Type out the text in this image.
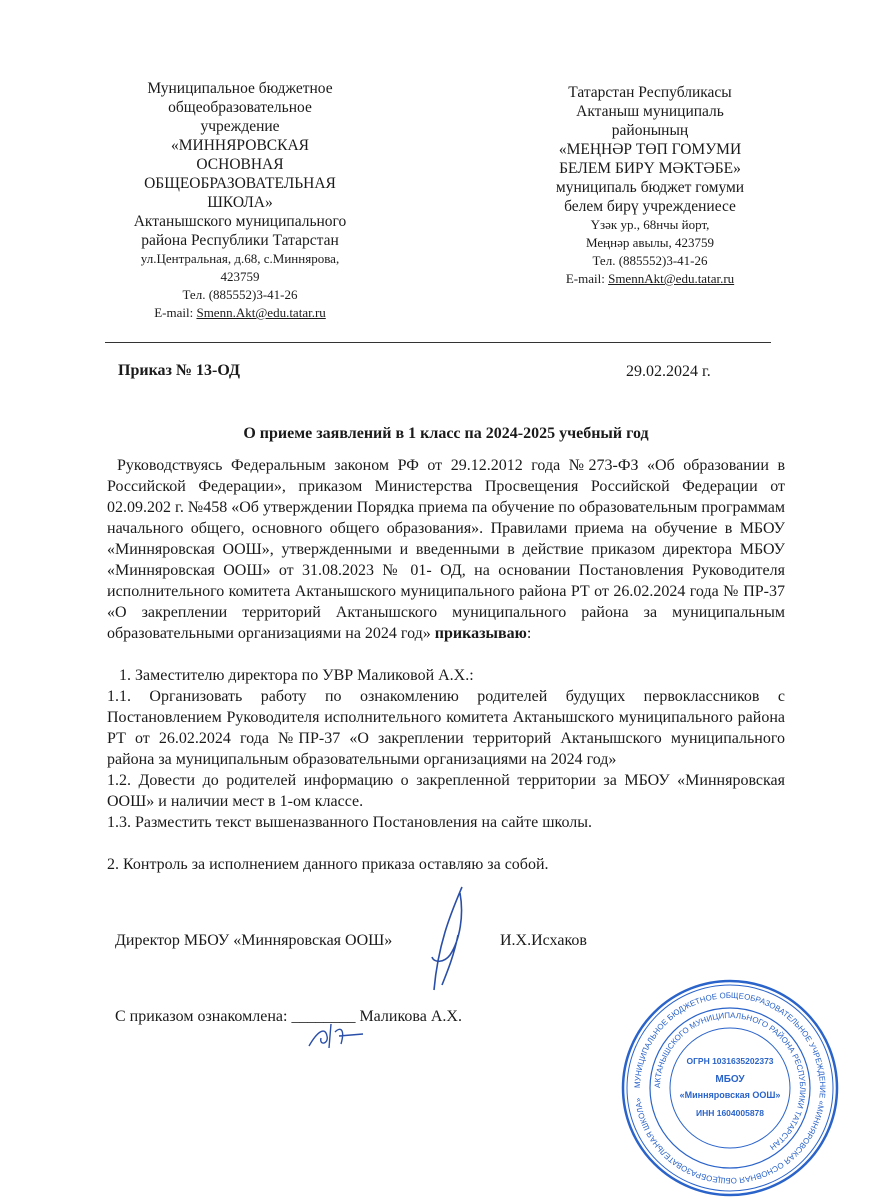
Муниципальное бюджетное
общеобразовательное
учреждение
«МИННЯРОВСКАЯ
ОСНОВНАЯ
ОБЩЕОБРАЗОВАТЕЛЬНАЯ
ШКОЛА»
Актанышского муниципального
района Республики Татарстан
ул.Центральная, д.68, с.Миннярова,
423759
Тел. (885552)3-41-26
E-mail: Smenn.Akt@edu.tatar.ru
Татарстан Республикасы
Актаныш муниципаль
районының
«МЕҢНӘР ТӨП ГОМУМИ
БЕЛЕМ БИРҮ МӘКТӘБЕ»
муниципаль бюджет гомуми
белем бирү учреждениесе
Үзәк ур., 68нчы йорт,
Меңнәр авылы, 423759
Тел. (885552)3-41-26
E-mail: SmennAkt@edu.tatar.ru
Приказ № 13-ОД	29.02.2024 г.

О приеме заявлений в 1 класс па 2024-2025 учебный год

Руководствуясь Федеральным законом РФ от 29.12.2012 года №273-ФЗ «Об образовании в Российской Федерации», приказом Министерства Просвещения Российской Федерации от 02.09.202 г. №458 «Об утверждении Порядка приема па обучение по образовательным программам начального общего, основного общего образования». Правилами приема на обучение в МБОУ «Минняровская ООШ», утвержденными и введенными в действие приказом директора МБОУ «Минняровская ООШ» от 31.08.2023 № 01- ОД, на основании Постановления Руководителя исполнительного комитета Актанышского муниципального района РТ от 26.02.2024 года № ПР-37 «О закреплении территорий Актанышского муниципального района за муниципальным образовательными организациями на 2024 год» приказываю:

1. Заместителю директора по УВР Маликовой А.Х.:

1.1. Организовать работу по ознакомлению родителей будущих первоклассников с Постановлением Руководителя исполнительного комитета Актанышского муниципального района РТ от 26.02.2024 года №ПР-37 «О закреплении территорий Актанышского муниципального района за муниципальным образовательными организациями на 2024 год»

1.2. Довести до родителей информацию о закрепленной территории за МБОУ «Минняровская ООШ» и наличии мест в 1-ом классе.

1.3. Разместить текст вышеназванного Постановления на сайте школы.

2. Контроль за исполнением данного приказа оставляю за собой.

Директор МБОУ «Минняровская ООШ»	И.Х.Исхаков
С приказом ознакомлена: ________ Маликова А.Х.
МУНИЦИПАЛЬНОЕ БЮДЖЕТНОЕ ОБЩЕОБРАЗОВАТЕЛЬНОЕ УЧРЕЖДЕНИЕ «МИННЯРОВСКАЯ ОСНОВНАЯ ОБЩЕОБРАЗОВАТЕЛЬНАЯ ШКОЛА»
АКТАНЫШСКОГО МУНИЦИПАЛЬНОГО РАЙОНА РЕСПУБЛИКИ ТАТАРСТАН
ОГРН 1031635202373
МБОУ
«Минняровская ООШ»
ИНН 1604005878
